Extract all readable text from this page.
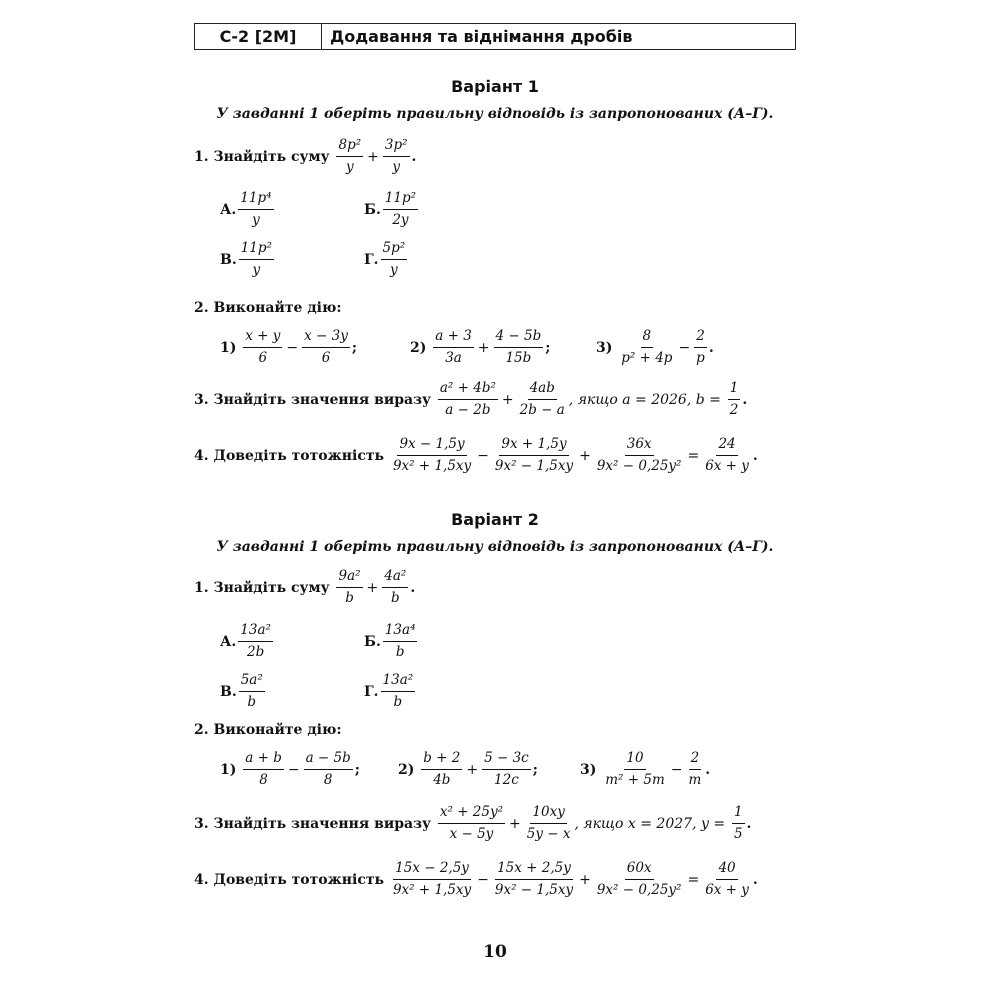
С-2 [2М]	Додавання та віднімання дробів
Варіант 1
У завданні 1 оберіть правильну відповідь із запропонованих (А–Г).
1.
Знайдіть суму
$\frac{\text{8p²}}{y} + \frac{\text{3p²}}{y}$ .
А. $\frac{\text{11p⁴}}{y}$	Б. $\frac{\text{11p²}}{2y}$
В. $\frac{\text{11p²}}{y}$	Г. $\frac{\text{5p²}}{y}$
2.
Виконайте дію:
1)
$\frac{x + y}{6} - \frac{x - 3y}{6}$ ;	2)
$\frac{a + 3}{3a} + \frac{4 - 5b}{15b}$ ;	3)
$\frac{8}{\text{p² + 4p}} - \frac{2}{p}$ .
3.
Знайдіть значення виразу
$\frac{\text{a² + 4b²}}{a - 2b} + \frac{4ab}{2b - a}$ , якщо a = 2026, b =
$\frac{1}{2}$ .
4.
Доведіть тотожність
$\frac{9x - 1,5y}{\text{9x² + 1,5xy}} - \frac{9x + 1,5y}{\text{9x² − 1,5xy}} + \frac{36x}{\text{9x² − 0,25y²}} = \frac{24}{6x + y}$ .
Варіант 2
У завданні 1 оберіть правильну відповідь із запропонованих (А–Г).
1.
Знайдіть суму
$\frac{\text{9a²}}{b} + \frac{\text{4a²}}{b}$ .
А. $\frac{\text{13a²}}{2b}$	Б. $\frac{\text{13a⁴}}{b}$
В. $\frac{\text{5a²}}{b}$	Г. $\frac{\text{13a²}}{b}$
2.
Виконайте дію:
1)
$\frac{a + b}{8} - \frac{a - 5b}{8}$ ;	2)
$\frac{b + 2}{4b} + \frac{5 - 3c}{12c}$ ;	3)
$\frac{10}{\text{m² + 5m}} - \frac{2}{m}$ .
3.
Знайдіть значення виразу
$\frac{\text{x² + 25y²}}{x - 5y} + \frac{10xy}{5y - x}$ , якщо x = 2027, y =
$\frac{1}{5}$ .
4.
Доведіть тотожність
$\frac{15x - 2,5y}{\text{9x² + 1,5xy}} - \frac{15x + 2,5y}{\text{9x² − 1,5xy}} + \frac{60x}{\text{9x² − 0,25y²}} = \frac{40}{6x + y}$ .
10
